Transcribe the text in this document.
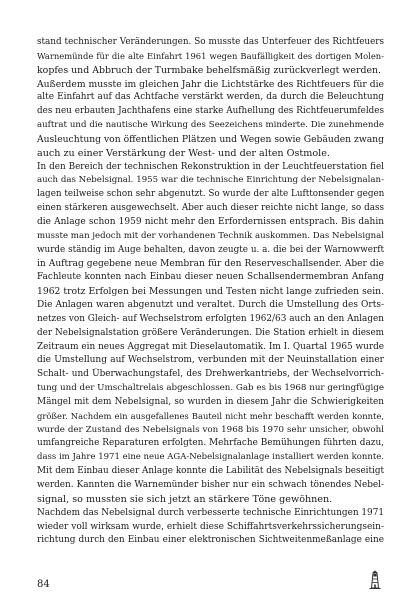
stand technischer Veränderungen. So musste das Unterfeuer des Richtfeuers
Warnemünde für die alte Einfahrt 1961 wegen Baufälligkeit des dortigen Molen-
kopfes und Abbruch der Turmbake behelfsmäßig zurückverlegt werden.
Außerdem musste im gleichen Jahr die Lichtstärke des Richtfeuers für die
alte Einfahrt auf das Achtfache verstärkt werden, da durch die Beleuchtung
des neu erbauten Jachthafens eine starke Aufhellung des Richtfeuerumfeldes
auftrat und die nautische Wirkung des Seezeichens minderte. Die zunehmende
Ausleuchtung von öffentlichen Plätzen und Wegen sowie Gebäuden zwang
auch zu einer Verstärkung der West- und der alten Ostmole.
In den Bereich der technischen Rekonstruktion in der Leuchtfeuerstation fiel
auch das Nebelsignal. 1955 war die technische Einrichtung der Nebelsignalan-
lagen teilweise schon sehr abgenutzt. So wurde der alte Lufttonsender gegen
einen stärkeren ausgewechselt. Aber auch dieser reichte nicht lange, so dass
die Anlage schon 1959 nicht mehr den Erfordernissen entsprach. Bis dahin
musste man jedoch mit der vorhandenen Technik auskommen. Das Nebelsignal
wurde ständig im Auge behalten, davon zeugte u. a. die bei der Warnowwerft
in Auftrag gegebene neue Membran für den Reserveschallsender. Aber die
Fachleute konnten nach Einbau dieser neuen Schallsendermembran Anfang
1962 trotz Erfolgen bei Messungen und Testen nicht lange zufrieden sein.
Die Anlagen waren abgenutzt und veraltet. Durch die Umstellung des Orts-
netzes von Gleich- auf Wechselstrom erfolgten 1962/63 auch an den Anlagen
der Nebelsignalstation größere Veränderungen. Die Station erhielt in diesem
Zeitraum ein neues Aggregat mit Dieselautomatik. Im I. Quartal 1965 wurde
die Umstellung auf Wechselstrom, verbunden mit der Neuinstallation einer
Schalt- und Überwachungstafel, des Drehwerkantriebs, der Wechselvorrich-
tung und der Umschaltrelais abgeschlossen. Gab es bis 1968 nur geringfügige
Mängel mit dem Nebelsignal, so wurden in diesem Jahr die Schwierigkeiten
größer. Nachdem ein ausgefallenes Bauteil nicht mehr beschafft werden konnte,
wurde der Zustand des Nebelsignals von 1968 bis 1970 sehr unsicher, obwohl
umfangreiche Reparaturen erfolgten. Mehrfache Bemühungen führten dazu,
dass im Jahre 1971 eine neue AGA-Nebelsignalanlage installiert werden konnte.
Mit dem Einbau dieser Anlage konnte die Labilität des Nebelsignals beseitigt
werden. Kannten die Warnemünder bisher nur ein schwach tönendes Nebel-
signal, so mussten sie sich jetzt an stärkere Töne gewöhnen.
Nachdem das Nebelsignal durch verbesserte technische Einrichtungen 1971
wieder voll wirksam wurde, erhielt diese Schiffahrtsverkehrssicherungsein-
richtung durch den Einbau einer elektronischen Sichtweitenmeßanlage eine
84
